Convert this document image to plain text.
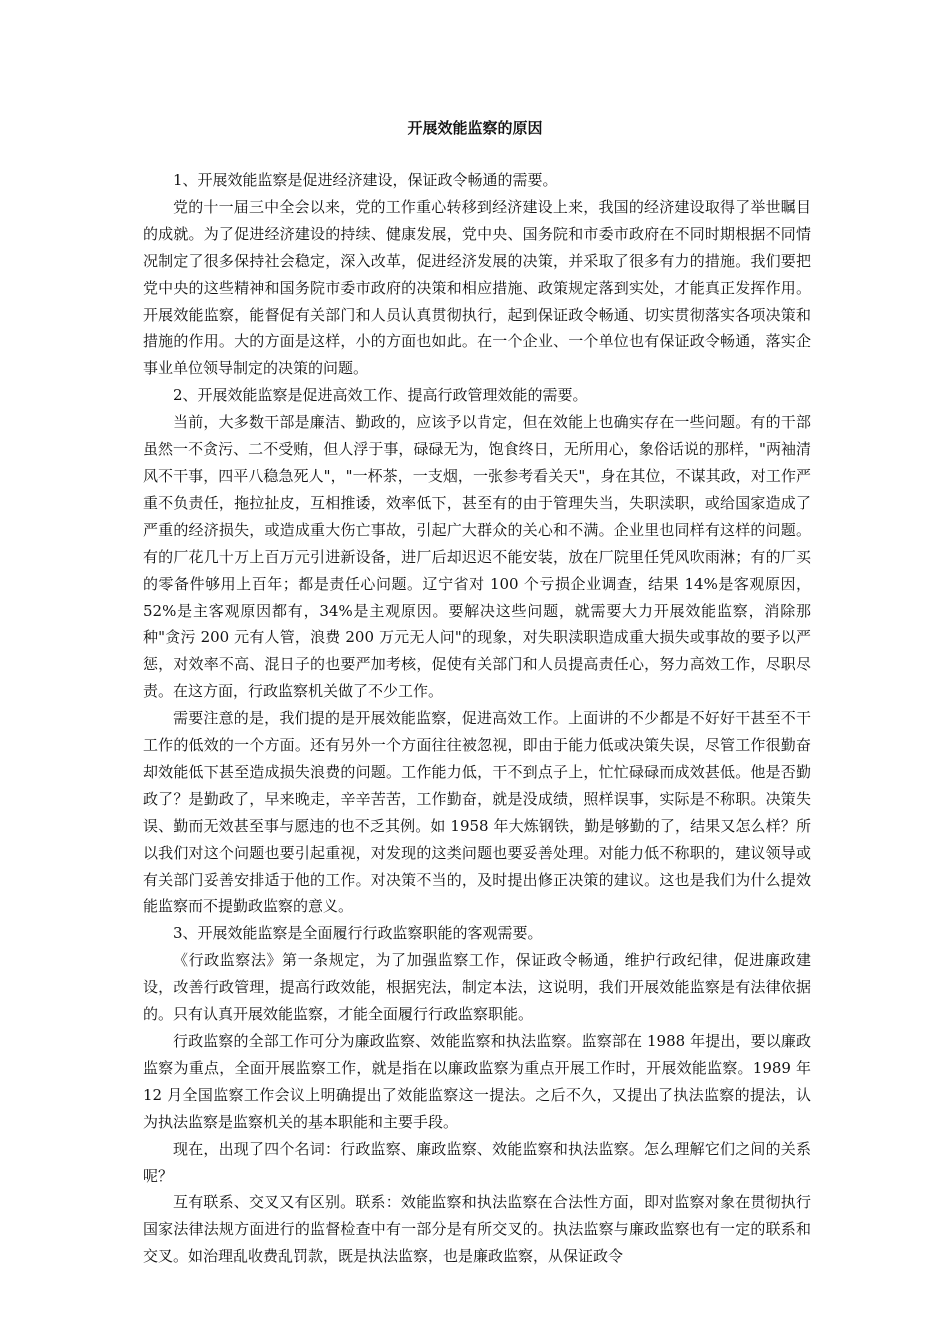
开展效能监察的原因

1、开展效能监察是促进经济建设，保证政令畅通的需要。

党的十一届三中全会以来，党的工作重心转移到经济建设上来，我国的经济建设取得了举世瞩目的成就。为了促进经济建设的持续、健康发展，党中央、国务院和市委市政府在不同时期根据不同情况制定了很多保持社会稳定，深入改革，促进经济发展的决策，并采取了很多有力的措施。我们要把党中央的这些精神和国务院市委市政府的决策和相应措施、政策规定落到实处，才能真正发挥作用。开展效能监察，能督促有关部门和人员认真贯彻执行，起到保证政令畅通、切实贯彻落实各项决策和措施的作用。大的方面是这样，小的方面也如此。在一个企业、一个单位也有保证政令畅通，落实企事业单位领导制定的决策的问题。

2、开展效能监察是促进高效工作、提高行政管理效能的需要。

当前，大多数干部是廉洁、勤政的，应该予以肯定，但在效能上也确实存在一些问题。有的干部虽然一不贪污、二不受贿，但人浮于事，碌碌无为，饱食终日，无所用心，象俗话说的那样，"两袖清风不干事，四平八稳急死人"，"一杯茶，一支烟，一张参考看关天"，身在其位，不谋其政，对工作严重不负责任，拖拉扯皮，互相推诿，效率低下，甚至有的由于管理失当，失职渎职，或给国家造成了严重的经济损失，或造成重大伤亡事故，引起广大群众的关心和不满。企业里也同样有这样的问题。有的厂花几十万上百万元引进新设备，进厂后却迟迟不能安装，放在厂院里任凭风吹雨淋；有的厂买的零备件够用上百年；都是责任心问题。辽宁省对 100 个亏损企业调查，结果 14%是客观原因，52%是主客观原因都有，34%是主观原因。要解决这些问题，就需要大力开展效能监察，消除那种"贪污 200 元有人管，浪费 200 万元无人问"的现象，对失职渎职造成重大损失或事故的要予以严惩，对效率不高、混日子的也要严加考核，促使有关部门和人员提高责任心，努力高效工作，尽职尽责。在这方面，行政监察机关做了不少工作。

需要注意的是，我们提的是开展效能监察，促进高效工作。上面讲的不少都是不好好干甚至不干工作的低效的一个方面。还有另外一个方面往往被忽视，即由于能力低或决策失误，尽管工作很勤奋却效能低下甚至造成损失浪费的问题。工作能力低，干不到点子上，忙忙碌碌而成效甚低。他是否勤政了？是勤政了，早来晚走，辛辛苦苦，工作勤奋，就是没成绩，照样误事，实际是不称职。决策失误、勤而无效甚至事与愿违的也不乏其例。如 1958 年大炼钢铁，勤是够勤的了，结果又怎么样？所以我们对这个问题也要引起重视，对发现的这类问题也要妥善处理。对能力低不称职的，建议领导或有关部门妥善安排适于他的工作。对决策不当的，及时提出修正决策的建议。这也是我们为什么提效能监察而不提勤政监察的意义。

3、开展效能监察是全面履行行政监察职能的客观需要。

《行政监察法》第一条规定，为了加强监察工作，保证政令畅通，维护行政纪律，促进廉政建设，改善行政管理，提高行政效能，根据宪法，制定本法，这说明，我们开展效能监察是有法律依据的。只有认真开展效能监察，才能全面履行行政监察职能。

行政监察的全部工作可分为廉政监察、效能监察和执法监察。监察部在 1988 年提出，要以廉政监察为重点，全面开展监察工作，就是指在以廉政监察为重点开展工作时，开展效能监察。1989 年 12 月全国监察工作会议上明确提出了效能监察这一提法。之后不久，又提出了执法监察的提法，认为执法监察是监察机关的基本职能和主要手段。

现在，出现了四个名词：行政监察、廉政监察、效能监察和执法监察。怎么理解它们之间的关系呢？

互有联系、交叉又有区别。联系：效能监察和执法监察在合法性方面，即对监察对象在贯彻执行国家法律法规方面进行的监督检查中有一部分是有所交叉的。执法监察与廉政监察也有一定的联系和交叉。如治理乱收费乱罚款，既是执法监察，也是廉政监察，从保证政令
